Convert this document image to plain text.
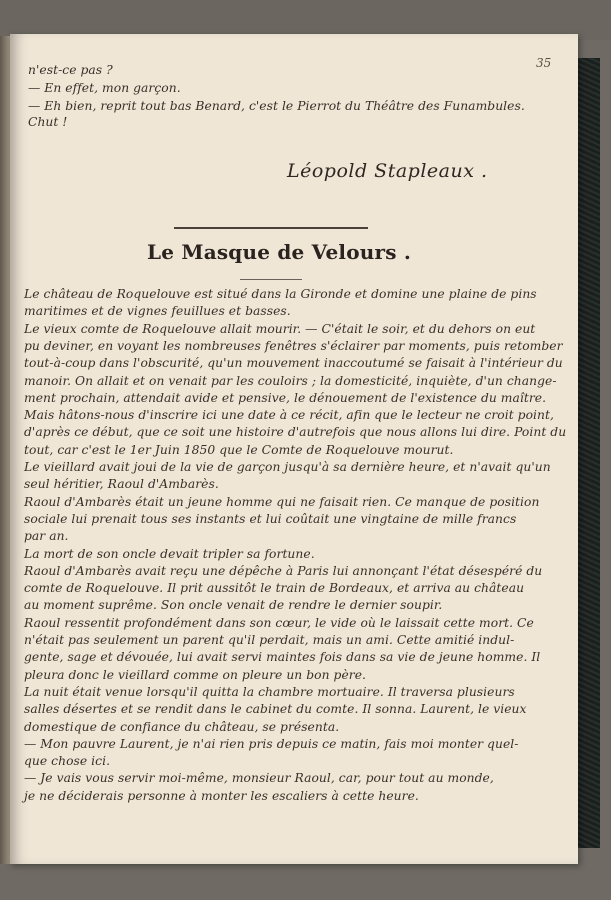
35
n'est-ce pas ?
— En effet, mon garçon.
— Eh bien, reprit tout bas Benard, c'est le Pierrot du Théâtre des Funambules.
Chut !
Léopold Stapleaux .
Le Masque de Velours .
Le château de Roquelouve est situé dans la Gironde et domine une plaine de pins
maritimes et de vignes feuillues et basses.
Le vieux comte de Roquelouve allait mourir. — C'était le soir, et du dehors on eut
pu deviner, en voyant les nombreuses fenêtres s'éclairer par moments, puis retomber
tout-à-coup dans l'obscurité, qu'un mouvement inaccoutumé se faisait à l'intérieur du
manoir. On allait et on venait par les couloirs ; la domesticité, inquiète, d'un change-
ment prochain, attendait avide et pensive, le dénouement de l'existence du maître.
Mais hâtons-nous d'inscrire ici une date à ce récit, afin que le lecteur ne croit point,
d'après ce début, que ce soit une histoire d'autrefois que nous allons lui dire. Point du
tout, car c'est le 1er Juin 1850 que le Comte de Roquelouve mourut.
Le vieillard avait joui de la vie de garçon jusqu'à sa dernière heure, et n'avait qu'un
seul héritier, Raoul d'Ambarès.
Raoul d'Ambarès était un jeune homme qui ne faisait rien. Ce manque de position
sociale lui prenait tous ses instants et lui coûtait une vingtaine de mille francs
par an.
La mort de son oncle devait tripler sa fortune.
Raoul d'Ambarès avait reçu une dépêche à Paris lui annonçant l'état désespéré du
comte de Roquelouve. Il prit aussitôt le train de Bordeaux, et arriva au château
au moment suprême. Son oncle venait de rendre le dernier soupir.
Raoul ressentit profondément dans son cœur, le vide où le laissait cette mort. Ce
n'était pas seulement un parent qu'il perdait, mais un ami. Cette amitié indul-
gente, sage et dévouée, lui avait servi maintes fois dans sa vie de jeune homme. Il
pleura donc le vieillard comme on pleure un bon père.
La nuit était venue lorsqu'il quitta la chambre mortuaire. Il traversa plusieurs
salles désertes et se rendit dans le cabinet du comte. Il sonna. Laurent, le vieux
domestique de confiance du château, se présenta.
— Mon pauvre Laurent, je n'ai rien pris depuis ce matin, fais moi monter quel-
que chose ici.
— Je vais vous servir moi-même, monsieur Raoul, car, pour tout au monde,
je ne déciderais personne à monter les escaliers à cette heure.
